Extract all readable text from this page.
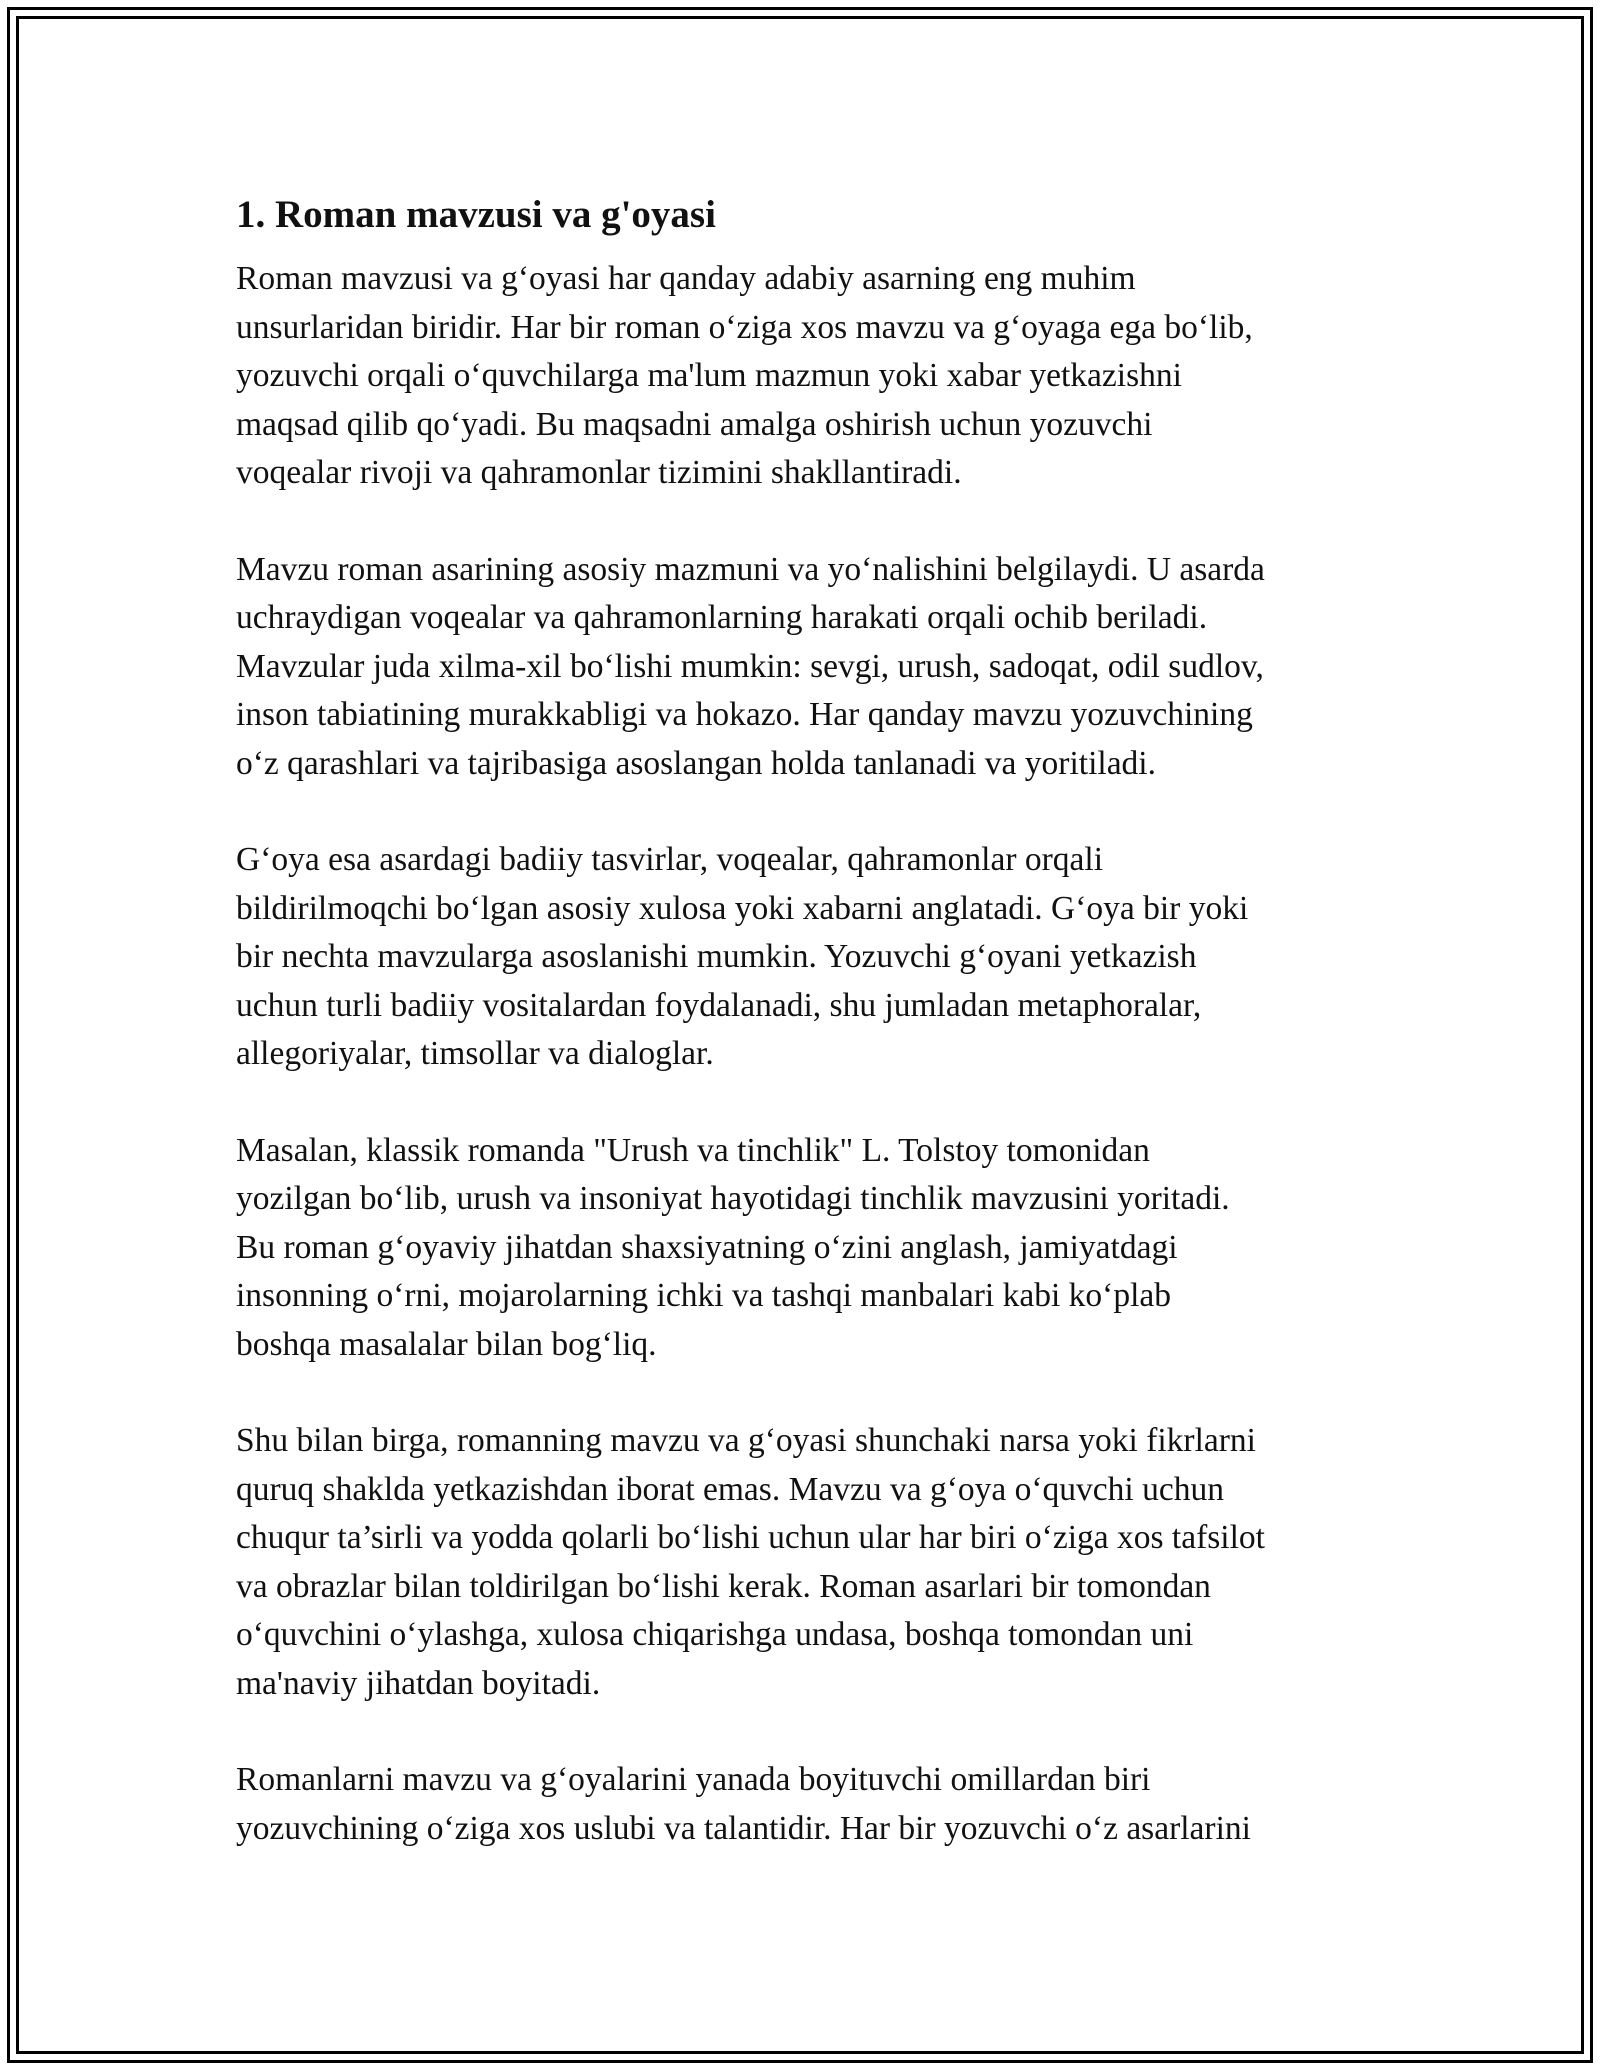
1. Roman mavzusi va g'oyasi

Roman mavzusi va g‘oyasi har qanday adabiy asarning eng muhim
unsurlaridan biridir. Har bir roman o‘ziga xos mavzu va g‘oyaga ega bo‘lib,
yozuvchi orqali o‘quvchilarga ma'lum mazmun yoki xabar yetkazishni
maqsad qilib qo‘yadi. Bu maqsadni amalga oshirish uchun yozuvchi
voqealar rivoji va qahramonlar tizimini shakllantiradi.

Mavzu roman asarining asosiy mazmuni va yo‘nalishini belgilaydi. U asarda
uchraydigan voqealar va qahramonlarning harakati orqali ochib beriladi.
Mavzular juda xilma-xil bo‘lishi mumkin: sevgi, urush, sadoqat, odil sudlov,
inson tabiatining murakkabligi va hokazo. Har qanday mavzu yozuvchining
o‘z qarashlari va tajribasiga asoslangan holda tanlanadi va yoritiladi.

G‘oya esa asardagi badiiy tasvirlar, voqealar, qahramonlar orqali
bildirilmoqchi bo‘lgan asosiy xulosa yoki xabarni anglatadi. G‘oya bir yoki
bir nechta mavzularga asoslanishi mumkin. Yozuvchi g‘oyani yetkazish
uchun turli badiiy vositalardan foydalanadi, shu jumladan metaphoralar,
allegoriyalar, timsollar va dialoglar.

Masalan, klassik romanda "Urush va tinchlik" L. Tolstoy tomonidan
yozilgan bo‘lib, urush va insoniyat hayotidagi tinchlik mavzusini yoritadi.
Bu roman g‘oyaviy jihatdan shaxsiyatning o‘zini anglash, jamiyatdagi
insonning o‘rni, mojarolarning ichki va tashqi manbalari kabi ko‘plab
boshqa masalalar bilan bog‘liq.

Shu bilan birga, romanning mavzu va g‘oyasi shunchaki narsa yoki fikrlarni
quruq shaklda yetkazishdan iborat emas. Mavzu va g‘oya o‘quvchi uchun
chuqur ta’sirli va yodda qolarli bo‘lishi uchun ular har biri o‘ziga xos tafsilot
va obrazlar bilan toldirilgan bo‘lishi kerak. Roman asarlari bir tomondan
o‘quvchini o‘ylashga, xulosa chiqarishga undasa, boshqa tomondan uni
ma'naviy jihatdan boyitadi.

Romanlarni mavzu va g‘oyalarini yanada boyituvchi omillardan biri
yozuvchining o‘ziga xos uslubi va talantidir. Har bir yozuvchi o‘z asarlarini
